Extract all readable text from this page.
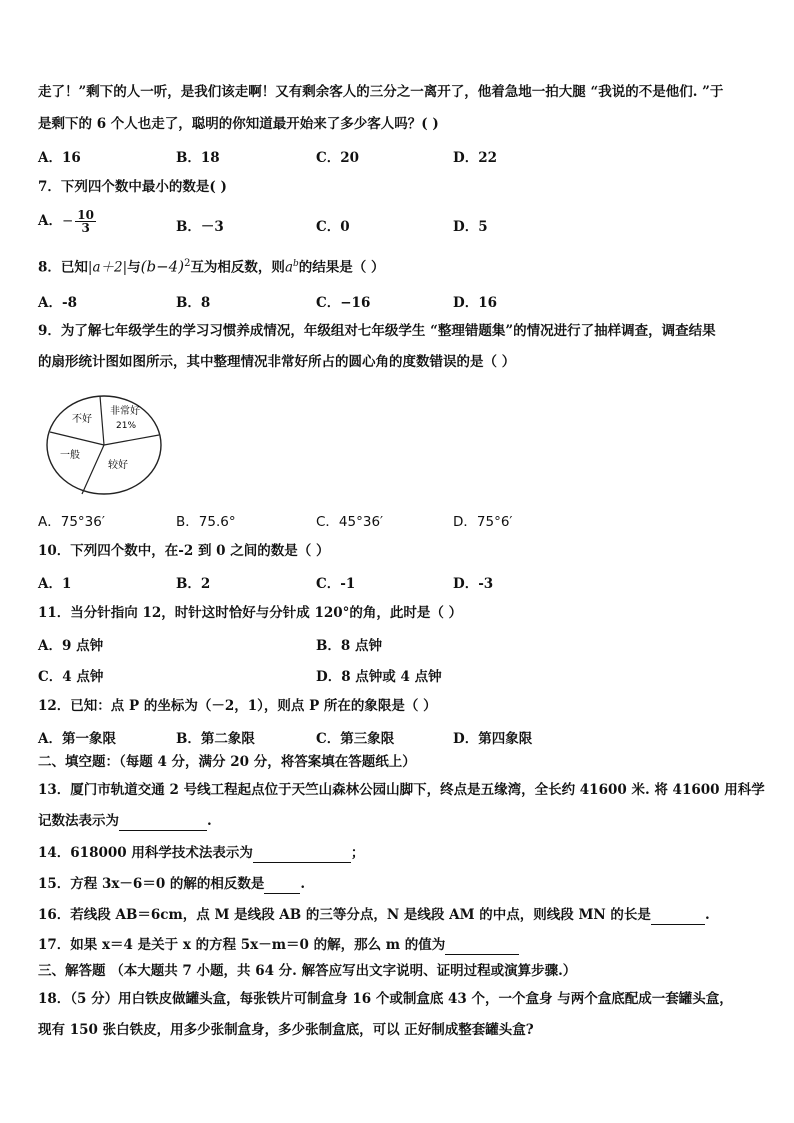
走了！”剩下的人一听，是我们该走啊！又有剩余客人的三分之一离开了，他着急地一拍大腿 “我说的不是他们. ”于
是剩下的 6 个人也走了，聪明的你知道最开始来了多少客人吗？( )
A．16	B．18	C．20	D．22
7．下列四个数中最小的数是( )
A．− $\frac{10}{3}$	B．－3	C．0	D．5
8．已知|a＋2|与$(b-4)^2$互为相反数，则$a^b$的结果是（ ）
A．-8	B．8	C．−16	D．16
9．为了解七年级学生的学习习惯养成情况，年级组对七年级学生 “整理错题集”的情况进行了抽样调查，调查结果
的扇形统计图如图所示，其中整理情况非常好所占的圆心角的度数错误的是（ ）
不好
非常好
21%
一般
较好
A．75°36′	B．75.6°	C．45°36′	D．75°6′
10．下列四个数中，在-2 到 0 之间的数是（ ）
A．1	B．2	C．-1	D．-3
11．当分针指向 12，时针这时恰好与分针成 120°的角，此时是（ ）
A．9 点钟	B．8 点钟
C．4 点钟	D．8 点钟或 4 点钟
12．已知：点 P 的坐标为（－2，1），则点 P 所在的象限是（ ）
A．第一象限	B．第二象限	C．第三象限	D．第四象限
二、填空题：（每题 4 分，满分 20 分，将答案填在答题纸上）
13．厦门市轨道交通 2 号线工程起点位于天竺山森林公园山脚下，终点是五缘湾，全长约 41600 米. 将 41600 用科学
记数法表示为	.
14．618000 用科学技术法表示为	；
15．方程 3x－6＝0 的解的相反数是	.
16．若线段 AB＝6cm，点 M 是线段 AB 的三等分点，N 是线段 AM 的中点，则线段 MN 的长是	.
17．如果 x＝4 是关于 x 的方程 5x－m＝0 的解，那么 m 的值为
三、解答题 （本大题共 7 小题，共 64 分. 解答应写出文字说明、证明过程或演算步骤.）
18．（5 分）用白铁皮做罐头盒，每张铁片可制盒身 16 个或制盒底 43 个，一个盒身 与两个盒底配成一套罐头盒，
现有 150 张白铁皮，用多少张制盒身，多少张制盒底，可以 正好制成整套罐头盒?
